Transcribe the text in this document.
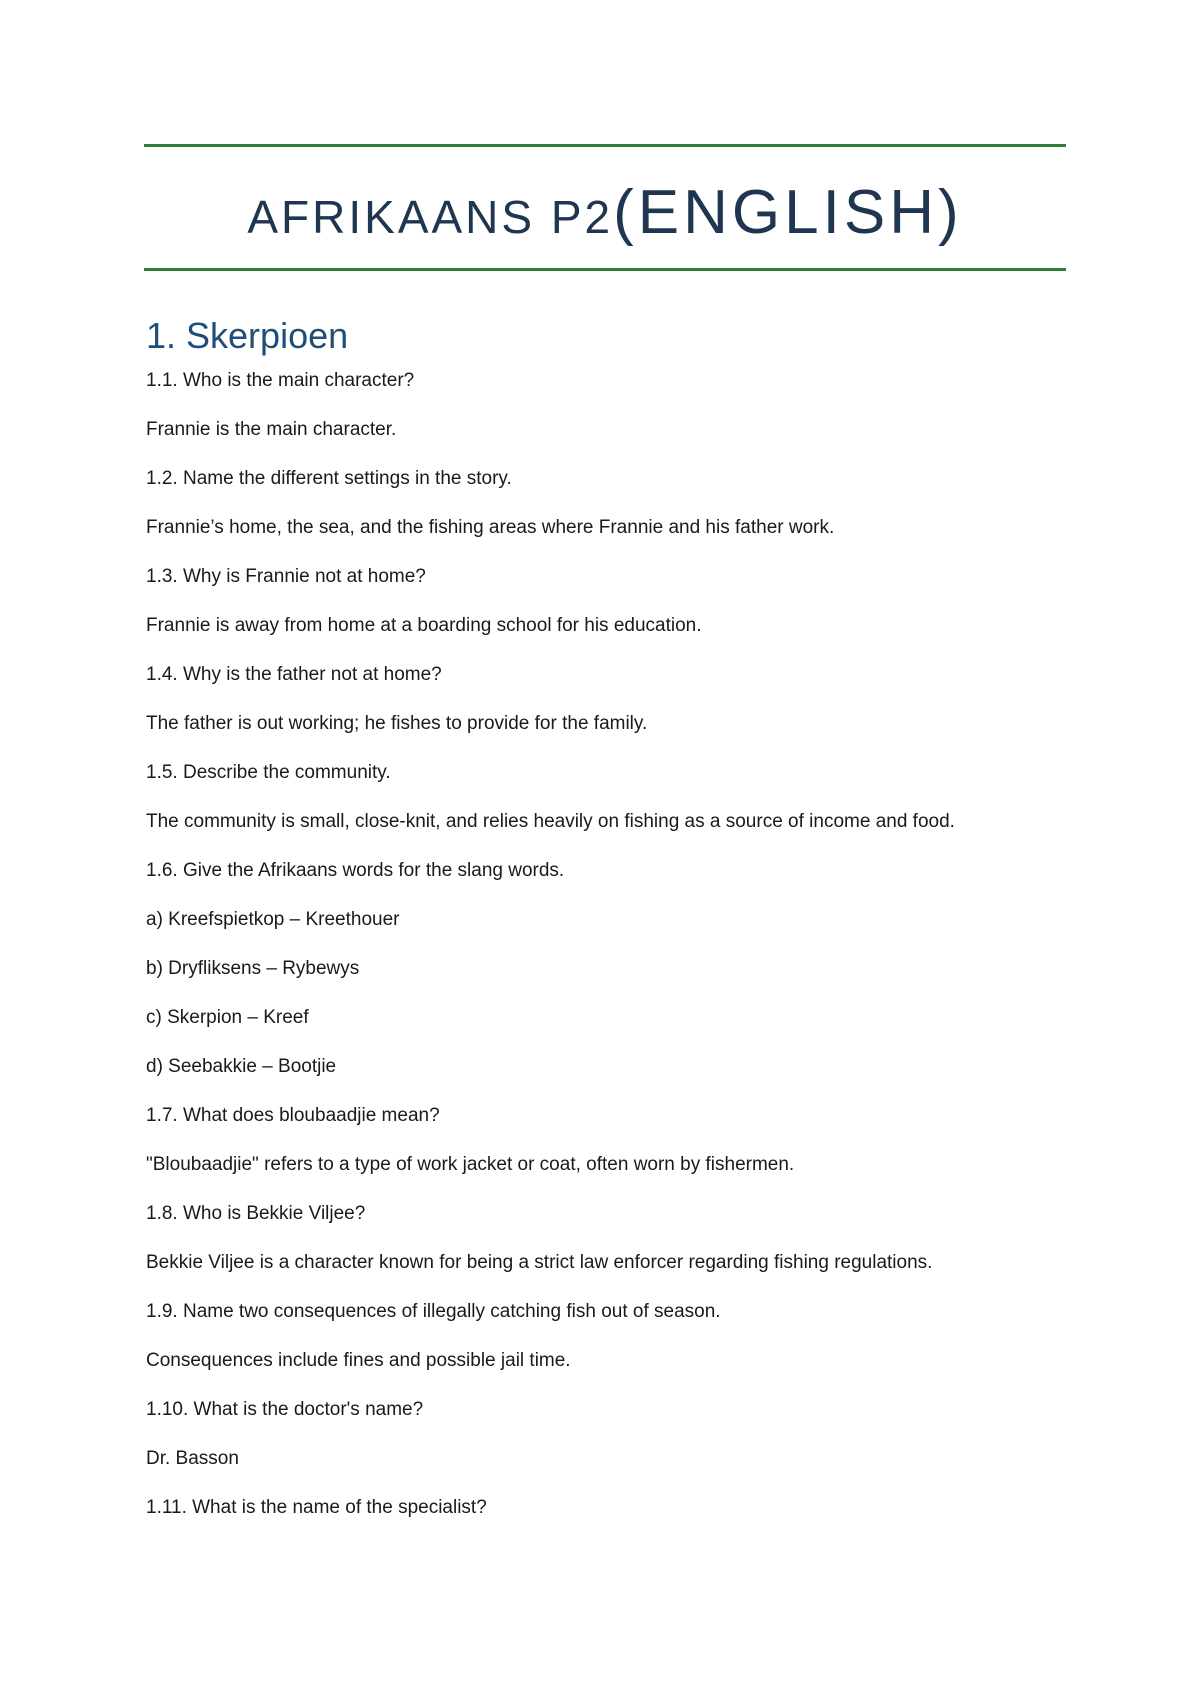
AFRIKAANS P2(ENGLISH)
1. Skerpioen
1.1. Who is the main character?
Frannie is the main character.
1.2. Name the different settings in the story.
Frannie’s home, the sea, and the fishing areas where Frannie and his father work.
1.3. Why is Frannie not at home?
Frannie is away from home at a boarding school for his education.
1.4. Why is the father not at home?
The father is out working; he fishes to provide for the family.
1.5. Describe the community.
The community is small, close-knit, and relies heavily on fishing as a source of income and food.
1.6. Give the Afrikaans words for the slang words.
a) Kreefspietkop – Kreethouer
b) Dryfliksens – Rybewys
c) Skerpion – Kreef
d) Seebakkie – Bootjie
1.7. What does bloubaadjie mean?
"Bloubaadjie" refers to a type of work jacket or coat, often worn by fishermen.
1.8. Who is Bekkie Viljee?
Bekkie Viljee is a character known for being a strict law enforcer regarding fishing regulations.
1.9. Name two consequences of illegally catching fish out of season.
Consequences include fines and possible jail time.
1.10. What is the doctor's name?
Dr. Basson
1.11. What is the name of the specialist?
